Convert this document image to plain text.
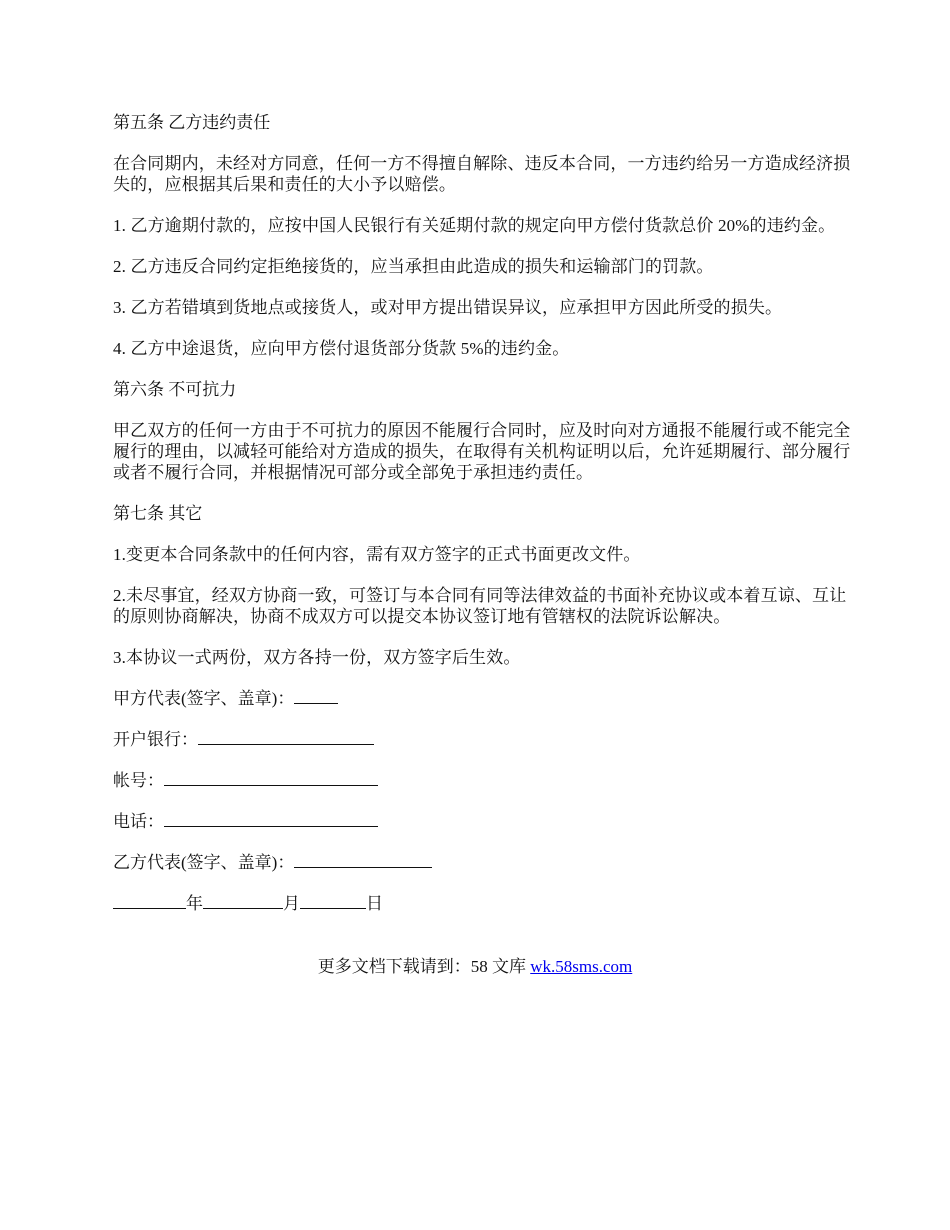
第五条 乙方违约责任

在合同期内，未经对方同意，任何一方不得擅自解除、违反本合同，一方违约给另一方造成经济损失的，应根据其后果和责任的大小予以赔偿。

1. 乙方逾期付款的，应按中国人民银行有关延期付款的规定向甲方偿付货款总价 20%的违约金。

2. 乙方违反合同约定拒绝接货的，应当承担由此造成的损失和运输部门的罚款。

3. 乙方若错填到货地点或接货人，或对甲方提出错误异议，应承担甲方因此所受的损失。

4. 乙方中途退货，应向甲方偿付退货部分货款 5%的违约金。

第六条 不可抗力

甲乙双方的任何一方由于不可抗力的原因不能履行合同时，应及时向对方通报不能履行或不能完全履行的理由，以减轻可能给对方造成的损失，在取得有关机构证明以后，允许延期履行、部分履行或者不履行合同，并根据情况可部分或全部免于承担违约责任。

第七条 其它

1.变更本合同条款中的任何内容，需有双方签字的正式书面更改文件。

2.未尽事宜，经双方协商一致，可签订与本合同有同等法律效益的书面补充协议或本着互谅、互让的原则协商解决，协商不成双方可以提交本协议签订地有管辖权的法院诉讼解决。

3.本协议一式两份，双方各持一份，双方签字后生效。

甲方代表(签字、盖章)：
开户银行：
帐号：
电话：
乙方代表(签字、盖章)：
年	月	日
更多文档下载请到：58 文库 wk.58sms.com
